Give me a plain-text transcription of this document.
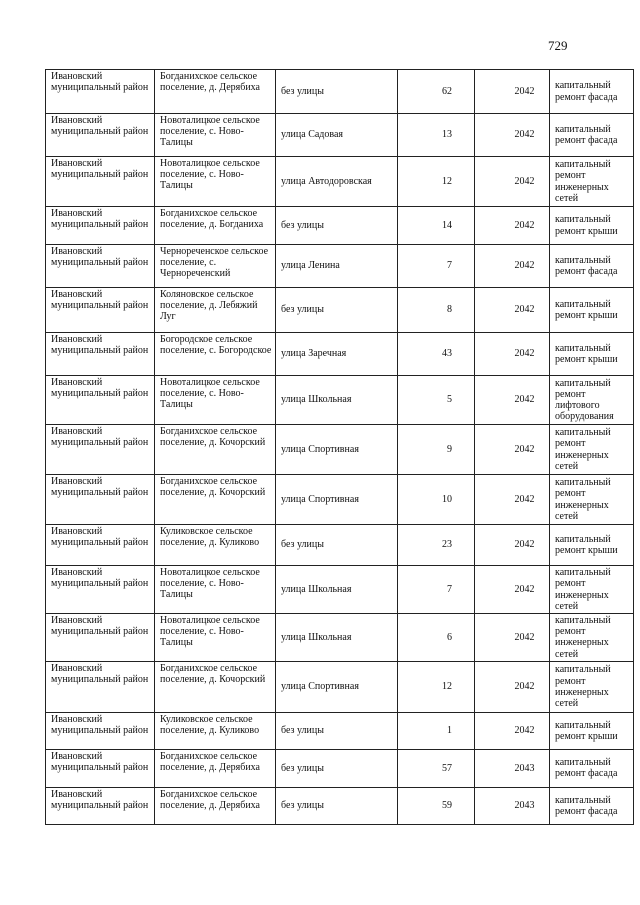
729
Ивановский муниципальный район	Богданихское сельское поселение, д. Дерябиха	без улицы	62	2042	капитальный ремонт фасада
Ивановский муниципальный район	Новоталицкое сельское поселение, с. Ново-Талицы	улица Садовая	13	2042	капитальный ремонт фасада
Ивановский муниципальный район	Новоталицкое сельское поселение, с. Ново-Талицы	улица Автодоровская	12	2042	капитальный ремонт инженерных сетей
Ивановский муниципальный район	Богданихское сельское поселение, д. Богданиха	без улицы	14	2042	капитальный ремонт крыши
Ивановский муниципальный район	Чернореченское сельское поселение, с. Чернореченский	улица Ленина	7	2042	капитальный ремонт фасада
Ивановский муниципальный район	Коляновское сельское поселение, д. Лебяжий Луг	без улицы	8	2042	капитальный ремонт крыши
Ивановский муниципальный район	Богородское сельское поселение, с. Богородское	улица Заречная	43	2042	капитальный ремонт крыши
Ивановский муниципальный район	Новоталицкое сельское поселение, с. Ново-Талицы	улица Школьная	5	2042	капитальный ремонт лифтового оборудования
Ивановский муниципальный район	Богданихское сельское поселение, д. Кочорский	улица Спортивная	9	2042	капитальный ремонт инженерных сетей
Ивановский муниципальный район	Богданихское сельское поселение, д. Кочорский	улица Спортивная	10	2042	капитальный ремонт инженерных сетей
Ивановский муниципальный район	Куликовское сельское поселение, д. Куликово	без улицы	23	2042	капитальный ремонт крыши
Ивановский муниципальный район	Новоталицкое сельское поселение, с. Ново-Талицы	улица Школьная	7	2042	капитальный ремонт инженерных сетей
Ивановский муниципальный район	Новоталицкое сельское поселение, с. Ново-Талицы	улица Школьная	6	2042	капитальный ремонт инженерных сетей
Ивановский муниципальный район	Богданихское сельское поселение, д. Кочорский	улица Спортивная	12	2042	капитальный ремонт инженерных сетей
Ивановский муниципальный район	Куликовское сельское поселение, д. Куликово	без улицы	1	2042	капитальный ремонт крыши
Ивановский муниципальный район	Богданихское сельское поселение, д. Дерябиха	без улицы	57	2043	капитальный ремонт фасада
Ивановский муниципальный район	Богданихское сельское поселение, д. Дерябиха	без улицы	59	2043	капитальный ремонт фасада
